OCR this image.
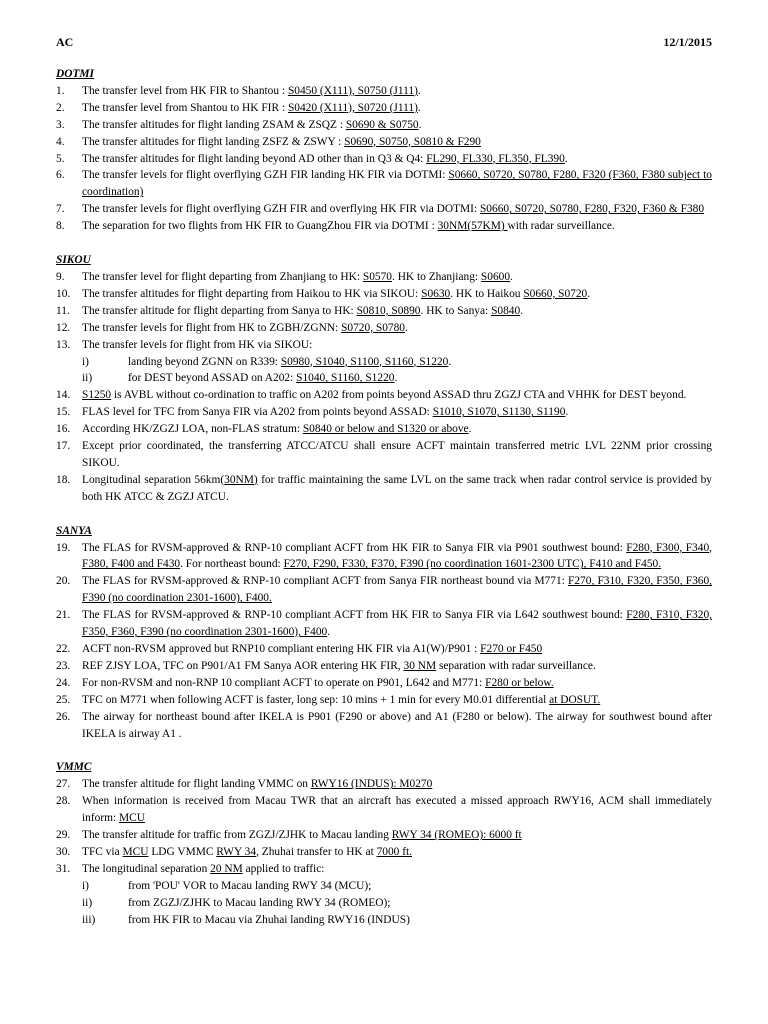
AC	12/1/2015
DOTMI
1.	The transfer level from HK FIR to Shantou : S0450 (X111), S0750 (J111).
2.	The transfer level from Shantou to HK FIR : S0420 (X111), S0720 (J111).
3.	The transfer altitudes for flight landing ZSAM & ZSQZ : S0690 & S0750.
4.	The transfer altitudes for flight landing ZSFZ & ZSWY : S0690, S0750, S0810 & F290
5.	The transfer altitudes for flight landing beyond AD other than in Q3 & Q4: FL290, FL330, FL350, FL390.
6.	The transfer levels for flight overflying GZH FIR landing HK FIR via DOTMI: S0660, S0720, S0780, F280, F320 (F360, F380 subject to coordination)
7.	The transfer levels for flight overflying GZH FIR and overflying HK FIR via DOTMI: S0660, S0720, S0780, F280, F320, F360 & F380
8.	The separation for two flights from HK FIR to GuangZhou FIR via DOTMI : 30NM(57KM) with radar surveillance.
SIKOU
9.	The transfer level for flight departing from Zhanjiang to HK: S0570. HK to Zhanjiang: S0600.
10.	The transfer altitudes for flight departing from Haikou to HK via SIKOU: S0630. HK to Haikou S0660, S0720.
11.	The transfer altitude for flight departing from Sanya to HK: S0810, S0890. HK to Sanya: S0840.
12.	The transfer levels for flight from HK to ZGBH/ZGNN: S0720, S0780.
13.	The transfer levels for flight from HK via SIKOU:
i)	landing beyond ZGNN on R339: S0980, S1040, S1100, S1160, S1220.
ii)	for DEST beyond ASSAD on A202: S1040, S1160, S1220.
14.	S1250 is AVBL without co-ordination to traffic on A202 from points beyond ASSAD thru ZGZJ CTA and VHHK for DEST beyond.
15.	FLAS level for TFC from Sanya FIR via A202 from points beyond ASSAD: S1010, S1070, S1130, S1190.
16.	According HK/ZGZJ LOA, non-FLAS stratum: S0840 or below and S1320 or above.
17.	Except prior coordinated, the transferring ATCC/ATCU shall ensure ACFT maintain transferred metric LVL 22NM prior crossing SIKOU.
18.	Longitudinal separation 56km(30NM) for traffic maintaining the same LVL on the same track when radar control service is provided by both HK ATCC & ZGZJ ATCU.
SANYA
19.	The FLAS for RVSM-approved & RNP-10 compliant ACFT from HK FIR to Sanya FIR via P901 southwest bound: F280, F300, F340, F380, F400 and F430. For northeast bound: F270, F290, F330, F370, F390 (no coordination 1601-2300 UTC), F410 and F450.
20.	The FLAS for RVSM-approved & RNP-10 compliant ACFT from Sanya FIR northeast bound via M771: F270, F310, F320, F350, F360, F390 (no coordination 2301-1600), F400.
21.	The FLAS for RVSM-approved & RNP-10 compliant ACFT from HK FIR to Sanya FIR via L642 southwest bound: F280, F310, F320, F350, F360, F390 (no coordination 2301-1600), F400.
22.	ACFT non-RVSM approved but RNP10 compliant entering HK FIR via A1(W)/P901 : F270 or F450
23.	REF ZJSY LOA, TFC on P901/A1 FM Sanya AOR entering HK FIR, 30 NM separation with radar surveillance.
24.	For non-RVSM and non-RNP 10 compliant ACFT to operate on P901, L642 and M771: F280 or below.
25.	TFC on M771 when following ACFT is faster, long sep: 10 mins + 1 min for every M0.01 differential at DOSUT.
26.	The airway for northeast bound after IKELA is P901 (F290 or above) and A1 (F280 or below). The airway for southwest bound after IKELA is airway A1 .
VMMC
27.	The transfer altitude for flight landing VMMC on RWY16 (INDUS): M0270
28.	When information is received from Macau TWR that an aircraft has executed a missed approach RWY16, ACM shall immediately inform: MCU
29.	The transfer altitude for traffic from ZGZJ/ZJHK to Macau landing RWY 34 (ROMEO): 6000 ft
30.	TFC via MCU LDG VMMC RWY 34, Zhuhai transfer to HK at 7000 ft.
31.	The longitudinal separation 20 NM applied to traffic:
i)	from 'POU' VOR to Macau landing RWY 34 (MCU);
ii)	from ZGZJ/ZJHK to Macau landing RWY 34 (ROMEO);
iii)	from HK FIR to Macau via Zhuhai landing RWY16 (INDUS)
